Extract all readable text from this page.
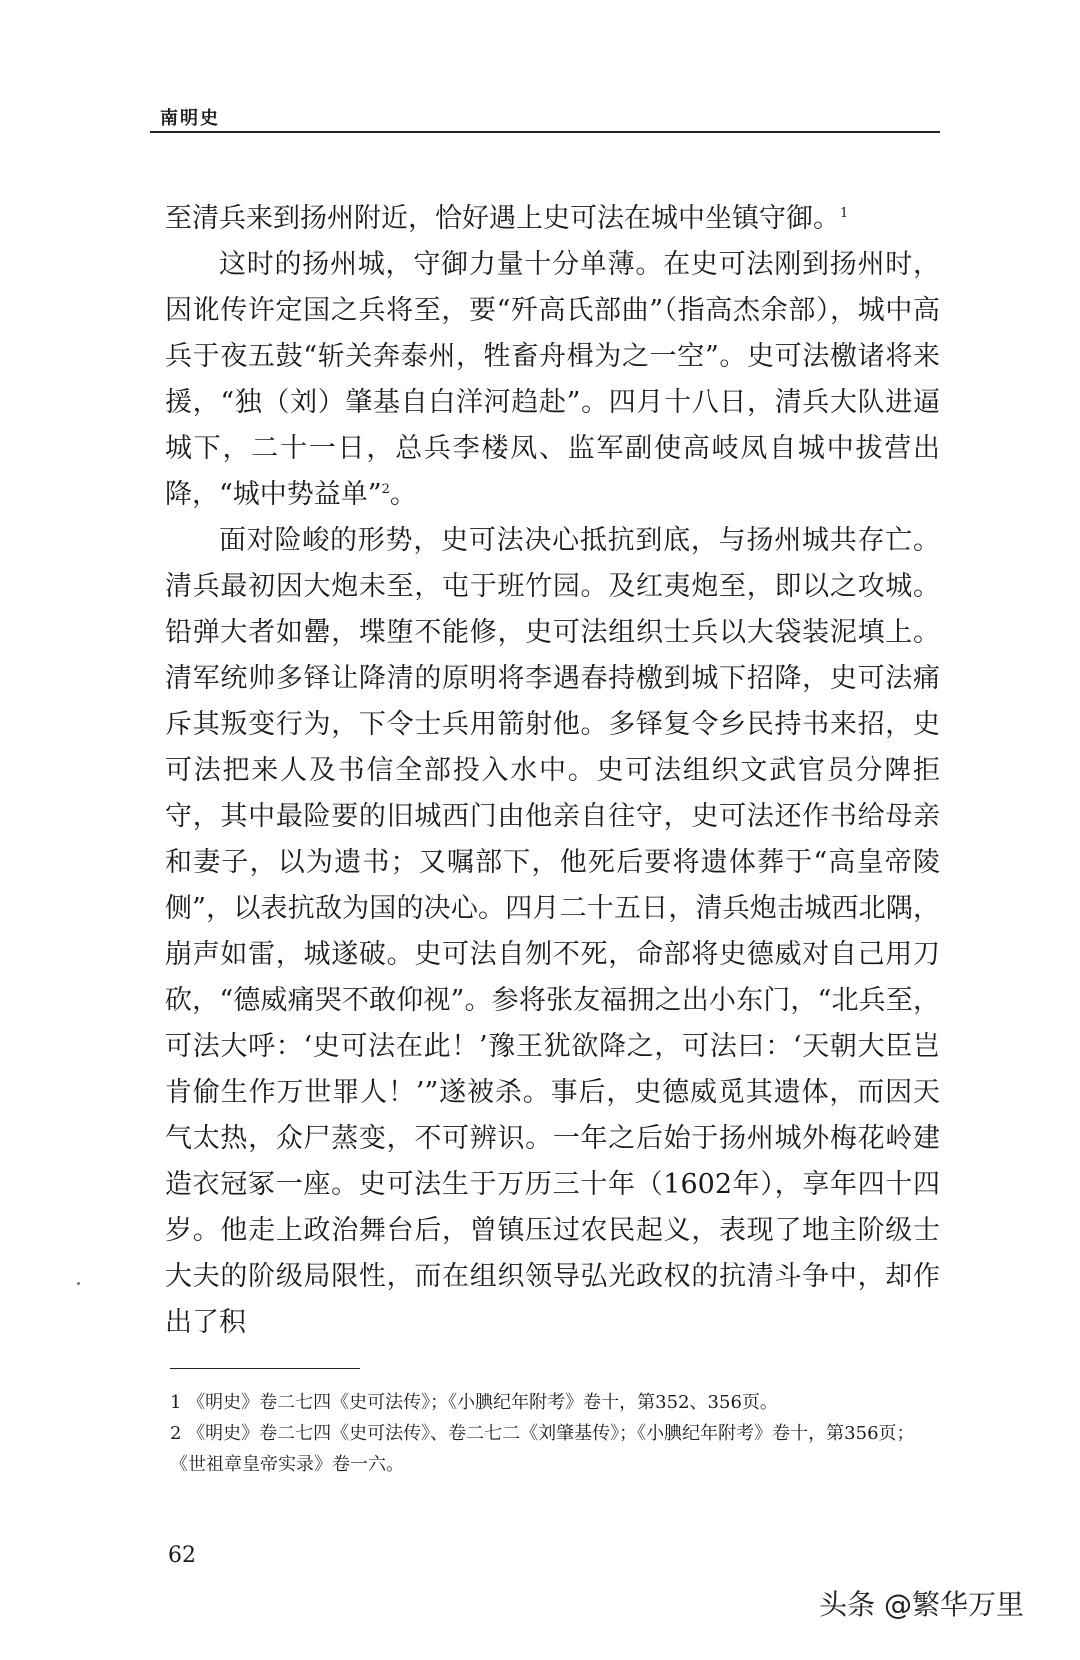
南明史

至清兵来到扬州附近，恰好遇上史可法在城中坐镇守御。$^1$

这时的扬州城，守御力量十分单薄。在史可法刚到扬州时，因讹传许定国之兵将至，要“歼高氏部曲”（指高杰余部），城中高兵于夜五鼓“斩关奔泰州，牲畜舟楫为之一空”。史可法檄诸将来援，“独（刘）肇基自白洋河趋赴”。四月十八日，清兵大队进逼城下，二十一日，总兵李楼凤、监军副使高岐凤自城中拔营出降，“城中势益单”$^2$。

面对险峻的形势，史可法决心抵抗到底，与扬州城共存亡。清兵最初因大炮未至，屯于班竹园。及红夷炮至，即以之攻城。铅弹大者如罍，堞堕不能修，史可法组织士兵以大袋装泥填上。清军统帅多铎让降清的原明将李遇春持檄到城下招降，史可法痛斥其叛变行为，下令士兵用箭射他。多铎复令乡民持书来招，史可法把来人及书信全部投入水中。史可法组织文武官员分陴拒守，其中最险要的旧城西门由他亲自往守，史可法还作书给母亲和妻子，以为遗书；又嘱部下，他死后要将遗体葬于“高皇帝陵侧”，以表抗敌为国的决心。四月二十五日，清兵炮击城西北隅，崩声如雷，城遂破。史可法自刎不死，命部将史德威对自己用刀砍，“德威痛哭不敢仰视”。参将张友福拥之出小东门，“北兵至，可法大呼：‘史可法在此！’豫王犹欲降之，可法曰：‘天朝大臣岂肯偷生作万世罪人！’”遂被杀。事后，史德威觅其遗体，而因天气太热，众尸蒸变，不可辨识。一年之后始于扬州城外梅花岭建造衣冠冢一座。史可法生于万历三十年（1602年），享年四十四岁。他走上政治舞台后，曾镇压过农民起义，表现了地主阶级士大夫的阶级局限性，而在组织领导弘光政权的抗清斗争中，却作出了积

1 《明史》卷二七四《史可法传》；《小腆纪年附考》卷十，第352、356页。

2 《明史》卷二七四《史可法传》、卷二七二《刘肇基传》；《小腆纪年附考》卷十，第356页；《世祖章皇帝实录》卷一六。

62
头条 @繁华万里
